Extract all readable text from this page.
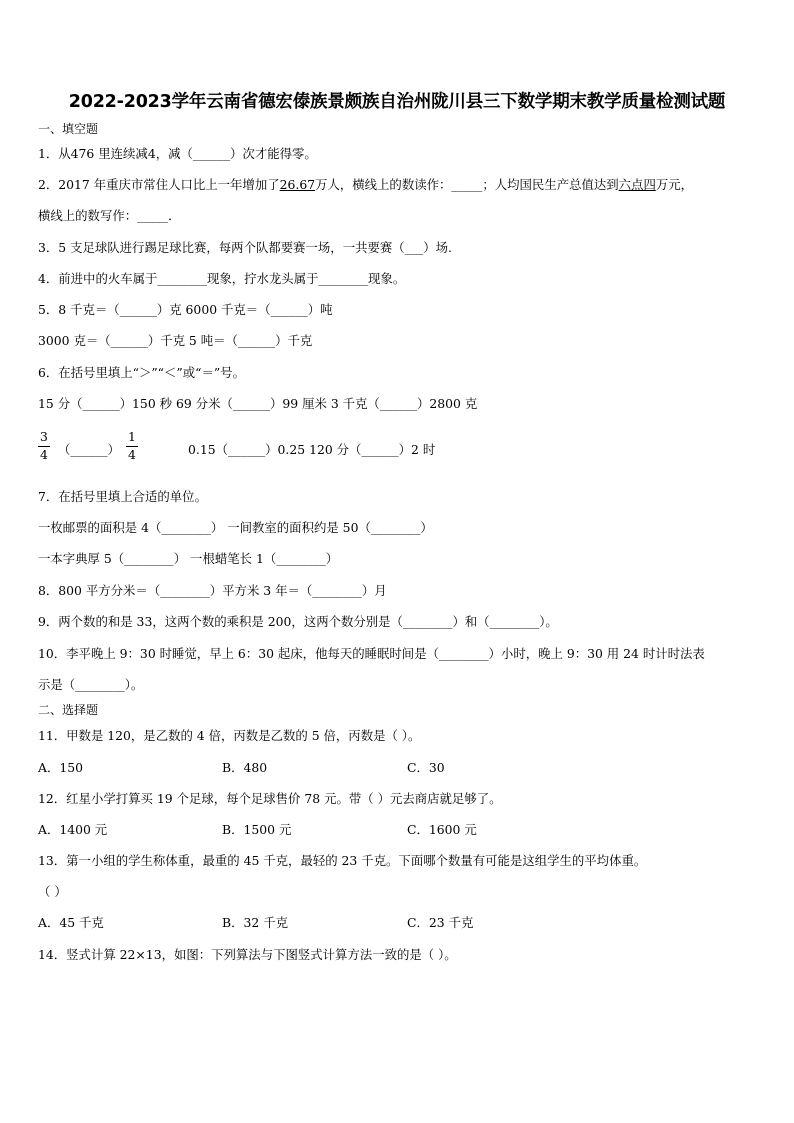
2022-2023学年云南省德宏傣族景颇族自治州陇川县三下数学期末教学质量检测试题
一、填空题
1．从476 里连续减4，减（______）次才能得零。
2．2017 年重庆市常住人口比上一年增加了26.67万人，横线上的数读作：_____；人均国民生产总值达到六点四万元，
横线上的数写作：_____．
3．5 支足球队进行踢足球比赛，每两个队都要赛一场，一共要赛（___）场.
4．前进中的火车属于________现象，拧水龙头属于________现象。
5．8 千克＝（______）克 6000 千克＝（______）吨
3000 克＝（______）千克 5 吨＝（______）千克
6．在括号里填上“＞”“＜”或“＝”号。
15 分（______）150 秒 69 分米（______）99 厘米 3 千克（______）2800 克
3
4 （______）
1
4	0.15（______）0.25 120 分（______）2 时
7．在括号里填上合适的单位。
一枚邮票的面积是 4（________） 一间教室的面积约是 50（________）
一本字典厚 5（________） 一根蜡笔长 1（________）
8．800 平方分米＝（________）平方米 3 年＝（________）月
9．两个数的和是 33，这两个数的乘积是 200，这两个数分别是（________）和（________）。
10．李平晚上 9：30 时睡觉，早上 6：30 起床，他每天的睡眠时间是（________）小时，晚上 9：30 用 24 时计时法表
示是（________）。
二、选择题
11．甲数是 120，是乙数的 4 倍，丙数是乙数的 5 倍，丙数是（ ）。
A．150	B．480	C．30
12．红星小学打算买 19 个足球，每个足球售价 78 元。带（ ）元去商店就足够了。
A．1400 元	B．1500 元	C．1600 元
13．第一小组的学生称体重，最重的 45 千克，最轻的 23 千克。下面哪个数量有可能是这组学生的平均体重。
（ ）
A．45 千克	B．32 千克	C．23 千克
14．竖式计算 22×13，如图：下列算法与下图竖式计算方法一致的是（ ）。
